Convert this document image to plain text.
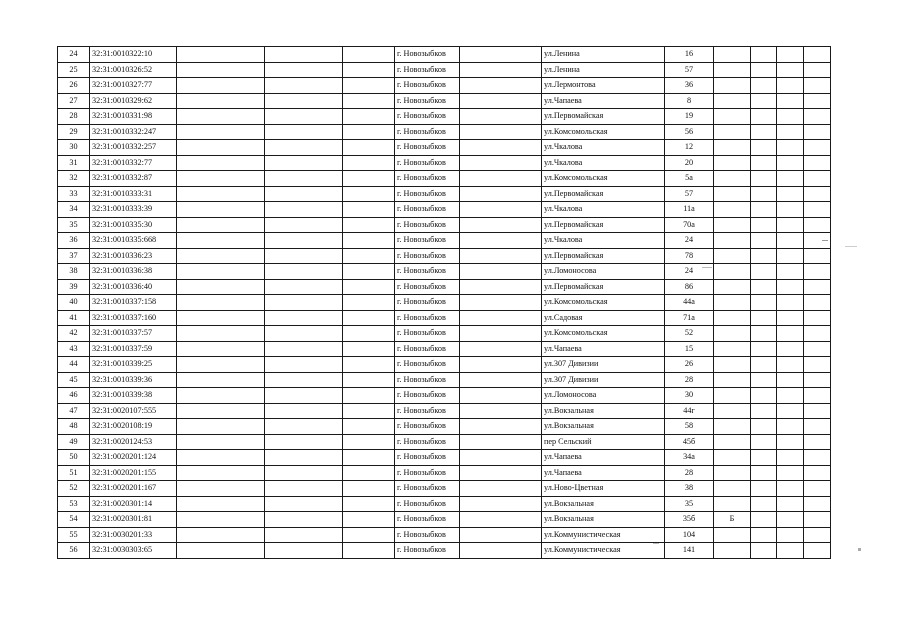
24	32:31:0010322:10				г. Новозыбков		ул.Ленина	16				
25	32:31:0010326:52				г. Новозыбков		ул.Ленина	57				
26	32:31:0010327:77				г. Новозыбков		ул.Лермонтова	36				
27	32:31:0010329:62				г. Новозыбков		ул.Чапаева	8				
28	32:31:0010331:98				г. Новозыбков		ул.Первомайская	19				
29	32:31:0010332:247				г. Новозыбков		ул.Комсомольская	56				
30	32:31:0010332:257				г. Новозыбков		ул.Чкалова	12				
31	32:31:0010332:77				г. Новозыбков		ул.Чкалова	20				
32	32:31:0010332:87				г. Новозыбков		ул.Комсомольская	5а				
33	32:31:0010333:31				г. Новозыбков		ул.Первомайская	57				
34	32:31:0010333:39				г. Новозыбков		ул.Чкалова	11а				
35	32:31:0010335:30				г. Новозыбков		ул.Первомайская	70а				
36	32:31:0010335:668				г. Новозыбков		ул.Чкалова	24				
37	32:31:0010336:23				г. Новозыбков		ул.Первомайская	78				
38	32:31:0010336:38				г. Новозыбков		ул.Ломоносова	24				
39	32:31:0010336:40				г. Новозыбков		ул.Первомайская	86				
40	32:31:0010337:158				г. Новозыбков		ул.Комсомольская	44а				
41	32:31:0010337:160				г. Новозыбков		ул.Садовая	71а				
42	32:31:0010337:57				г. Новозыбков		ул.Комсомольская	52				
43	32:31:0010337:59				г. Новозыбков		ул.Чапаева	15				
44	32:31:0010339:25				г. Новозыбков		ул.307 Дивизии	26				
45	32:31:0010339:36				г. Новозыбков		ул.307 Дивизии	28				
46	32:31:0010339:38				г. Новозыбков		ул.Ломоносова	30				
47	32:31:0020107:555				г. Новозыбков		ул.Вокзальная	44г				
48	32:31:0020108:19				г. Новозыбков		ул.Вокзальная	58				
49	32:31:0020124:53				г. Новозыбков		пер Сельский	45б				
50	32:31:0020201:124				г. Новозыбков		ул.Чапаева	34а				
51	32:31:0020201:155				г. Новозыбков		ул.Чапаева	28				
52	32:31:0020201:167				г. Новозыбков		ул.Ново-Цветная	38				
53	32:31:0020301:14				г. Новозыбков		ул.Вокзальная	35				
54	32:31:0020301:81				г. Новозыбков		ул.Вокзальная	35б	Б			
55	32:31:0030201:33				г. Новозыбков		ул.Коммунистическая	104				
56	32:31:0030303:65				г. Новозыбков		ул.Коммунистическая	141				
